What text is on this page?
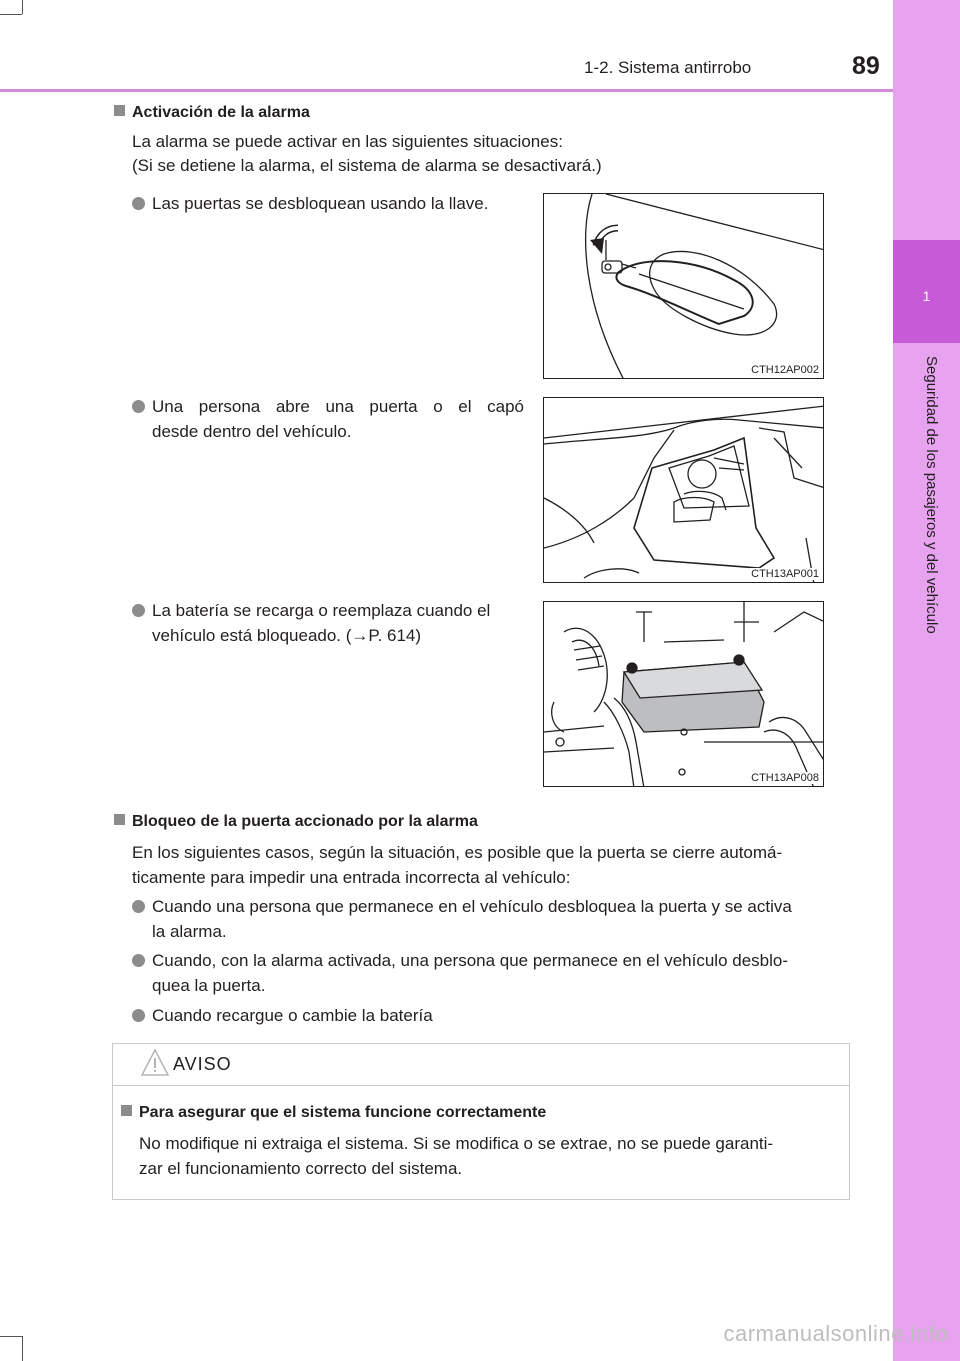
1-2. Sistema antirrobo	89
1
Seguridad de los pasajeros y del vehículo
Activación de la alarma
La alarma se puede activar en las siguientes situaciones:
(Si se detiene la alarma, el sistema de alarma se desactivará.)
Las puertas se desbloquean usando la llave.
Una persona abre una puerta o el capó
desde dentro del vehículo.
La batería se recarga o reemplaza cuando el
vehículo está bloqueado. (→P. 614)
CTH12AP002
CTH13AP001
CTH13AP008
Bloqueo de la puerta accionado por la alarma
En los siguientes casos, según la situación, es posible que la puerta se cierre automá-
ticamente para impedir una entrada incorrecta al vehículo:
Cuando una persona que permanece en el vehículo desbloquea la puerta y se activa
la alarma.
Cuando, con la alarma activada, una persona que permanece en el vehículo desblo-
quea la puerta.
Cuando recargue o cambie la batería
AVISO
Para asegurar que el sistema funcione correctamente
No modifique ni extraiga el sistema. Si se modifica o se extrae, no se puede garanti-
zar el funcionamiento correcto del sistema.
carmanualsonline.info
